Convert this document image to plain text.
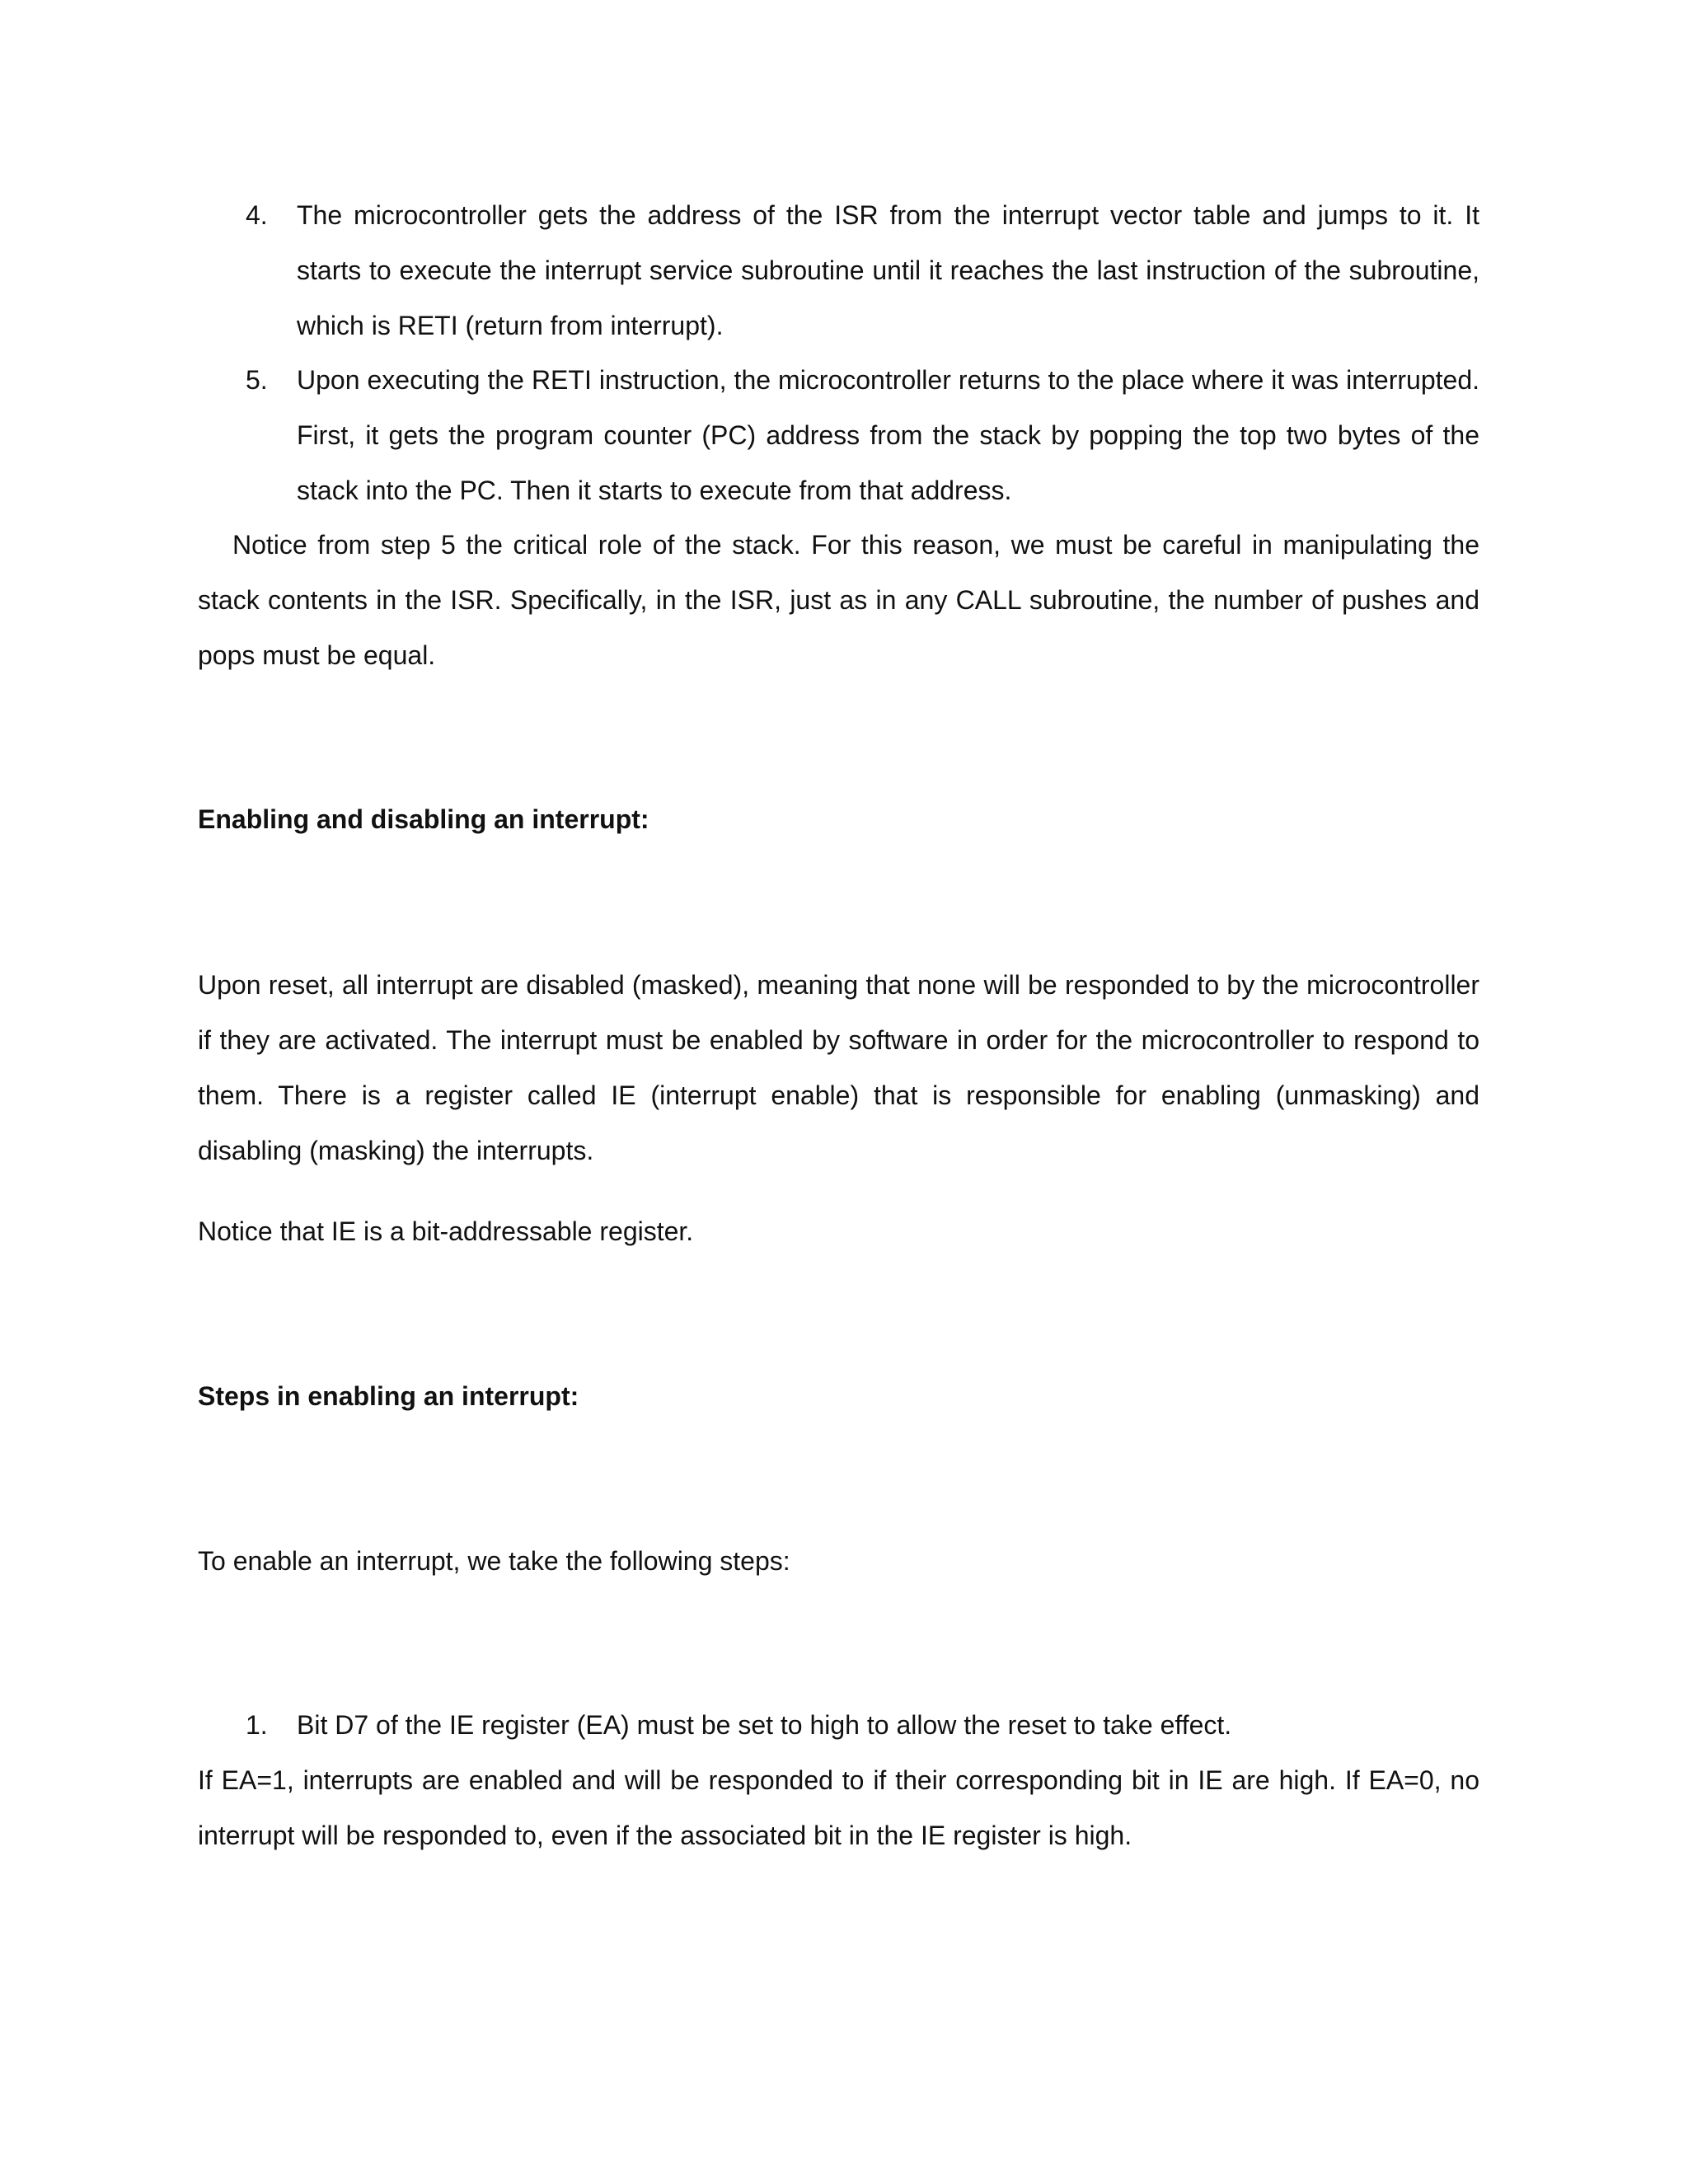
4.	The microcontroller gets the address of the ISR from the interrupt vector table and jumps to it. It starts to execute the interrupt service subroutine until it reaches the last instruction of the subroutine, which is RETI (return from interrupt).
5.	Upon executing the RETI instruction, the microcontroller returns to the place where it was interrupted. First, it gets the program counter (PC) address from the stack by popping the top two bytes of the stack into the PC. Then it starts to execute from that address.

Notice from step 5 the critical role of the stack. For this reason, we must be careful in manipulating the stack contents in the ISR. Specifically, in the ISR, just as in any CALL subroutine, the number of pushes and pops must be equal.

Enabling and disabling an interrupt:

Upon reset, all interrupt are disabled (masked), meaning that none will be responded to by the microcontroller if they are activated. The interrupt must be enabled by software in order for the microcontroller to respond to them. There is a register called IE (interrupt enable) that is responsible for enabling (unmasking) and disabling (masking) the interrupts.

Notice that IE is a bit-addressable register.

Steps in enabling an interrupt:

To enable an interrupt, we take the following steps:

1.	Bit D7 of the IE register (EA) must be set to high to allow the reset to take effect.

If EA=1, interrupts are enabled and will be responded to if their corresponding bit in IE are high. If EA=0, no interrupt will be responded to, even if the associated bit in the IE register is high.
